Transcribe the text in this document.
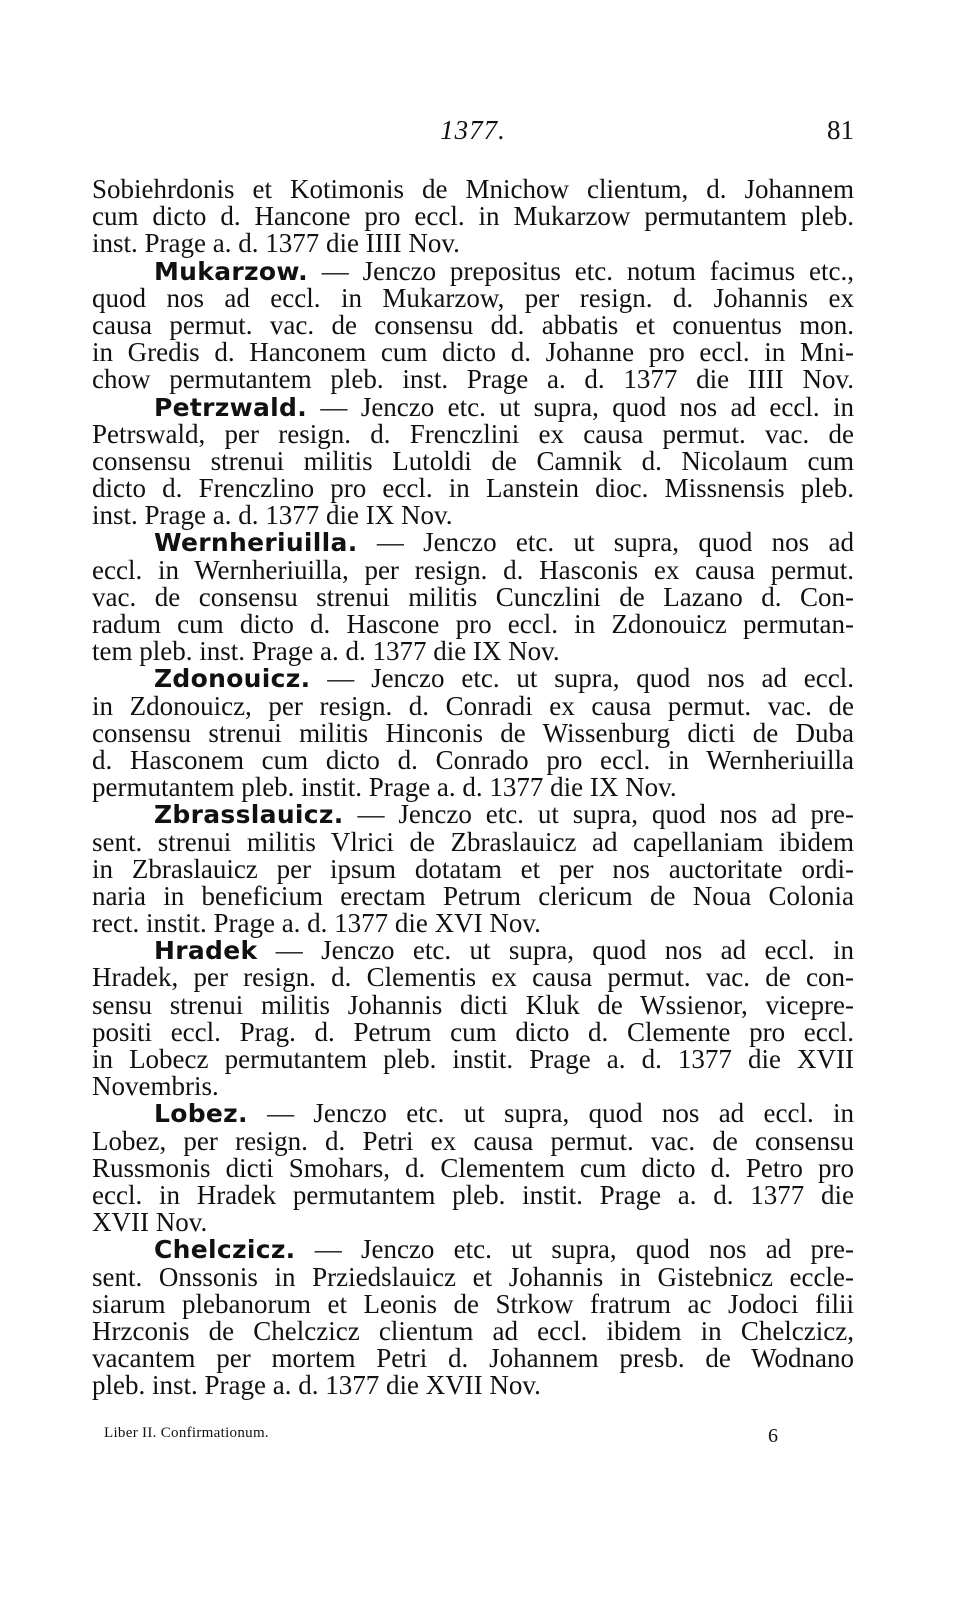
1377.	81
Sobiehrdonis et Kotimonis de Mnichow clientum, d. Johannem
cum dicto d. Hancone pro eccl. in Mukarzow permutantem pleb.
inst. Prage a. d. 1377 die IIII Nov.
Mukarzow. — Jenczo prepositus etc. notum facimus etc.,
quod nos ad eccl. in Mukarzow, per resign. d. Johannis ex
causa permut. vac. de consensu dd. abbatis et conuentus mon.
in Gredis d. Hanconem cum dicto d. Johanne pro eccl. in Mni-
chow permutantem pleb. inst. Prage a. d. 1377 die IIII Nov.
Petrzwald. — Jenczo etc. ut supra, quod nos ad eccl. in
Petrswald, per resign. d. Frenczlini ex causa permut. vac. de
consensu strenui militis Lutoldi de Camnik d. Nicolaum cum
dicto d. Frenczlino pro eccl. in Lanstein dioc. Missnensis pleb.
inst. Prage a. d. 1377 die IX Nov.
Wernheriuilla. — Jenczo etc. ut supra, quod nos ad
eccl. in Wernheriuilla, per resign. d. Hasconis ex causa permut.
vac. de consensu strenui militis Cunczlini de Lazano d. Con-
radum cum dicto d. Hascone pro eccl. in Zdonouicz permutan-
tem pleb. inst. Prage a. d. 1377 die IX Nov.
Zdonouicz. — Jenczo etc. ut supra, quod nos ad eccl.
in Zdonouicz, per resign. d. Conradi ex causa permut. vac. de
consensu strenui militis Hinconis de Wissenburg dicti de Duba
d. Hasconem cum dicto d. Conrado pro eccl. in Wernheriuilla
permutantem pleb. instit. Prage a. d. 1377 die IX Nov.
Zbrasslauicz. — Jenczo etc. ut supra, quod nos ad pre-
sent. strenui militis Vlrici de Zbraslauicz ad capellaniam ibidem
in Zbraslauicz per ipsum dotatam et per nos auctoritate ordi-
naria in beneficium erectam Petrum clericum de Noua Colonia
rect. instit. Prage a. d. 1377 die XVI Nov.
Hradek — Jenczo etc. ut supra, quod nos ad eccl. in
Hradek, per resign. d. Clementis ex causa permut. vac. de con-
sensu strenui militis Johannis dicti Kluk de Wssienor, vicepre-
positi eccl. Prag. d. Petrum cum dicto d. Clemente pro eccl.
in Lobecz permutantem pleb. instit. Prage a. d. 1377 die XVII
Novembris.
Lobez. — Jenczo etc. ut supra, quod nos ad eccl. in
Lobez, per resign. d. Petri ex causa permut. vac. de consensu
Russmonis dicti Smohars, d. Clementem cum dicto d. Petro pro
eccl. in Hradek permutantem pleb. instit. Prage a. d. 1377 die
XVII Nov.
Chelczicz. — Jenczo etc. ut supra, quod nos ad pre-
sent. Onssonis in Prziedslauicz et Johannis in Gistebnicz eccle-
siarum plebanorum et Leonis de Strkow fratrum ac Jodoci filii
Hrzconis de Chelczicz clientum ad eccl. ibidem in Chelczicz,
vacantem per mortem Petri d. Johannem presb. de Wodnano
pleb. inst. Prage a. d. 1377 die XVII Nov.
Liber II. Confirmationum.	6
